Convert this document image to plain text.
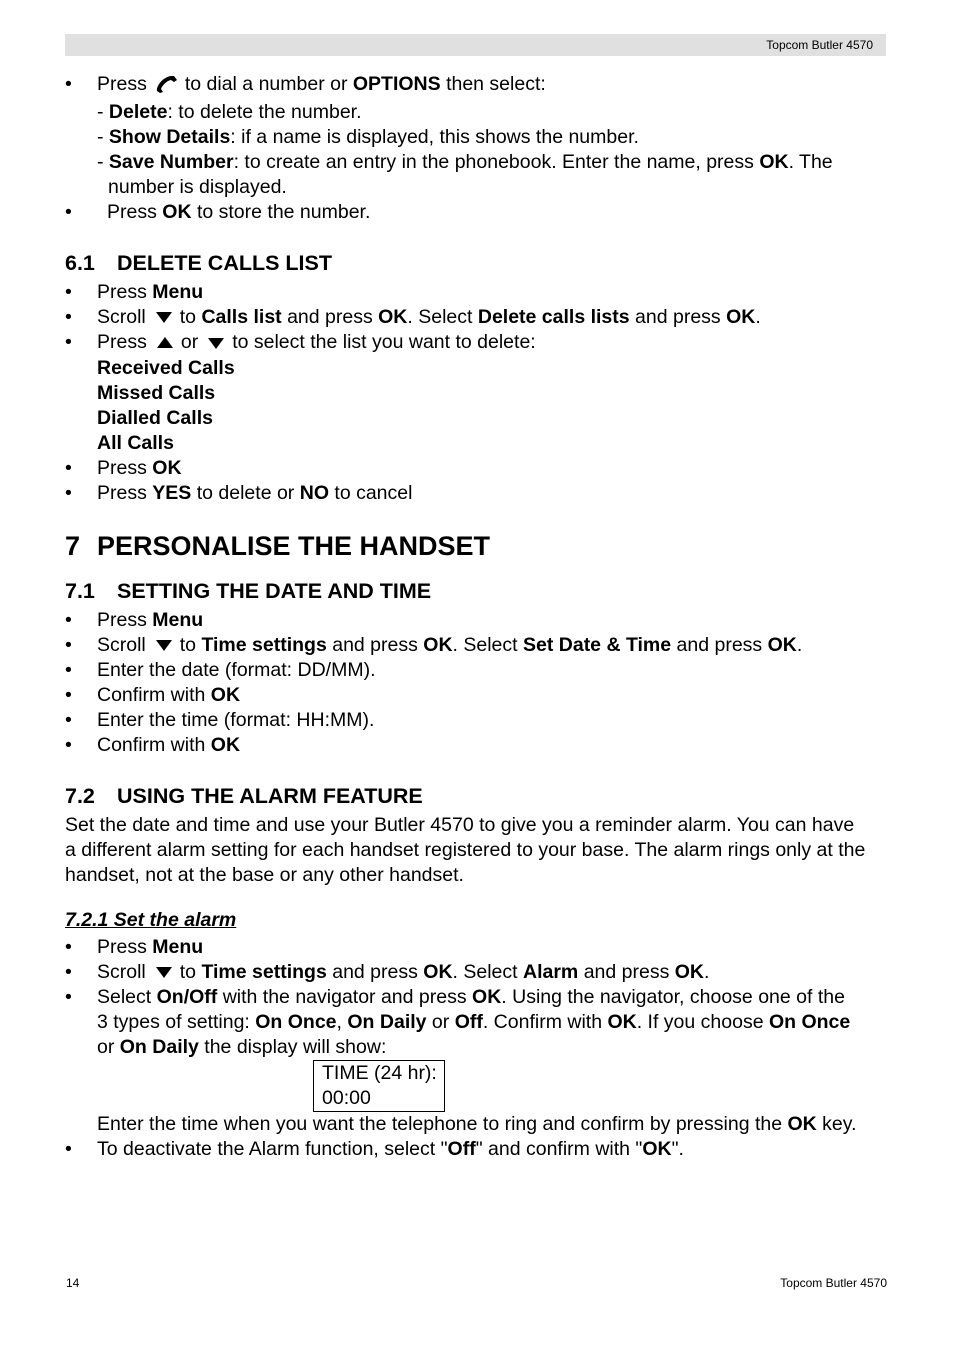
Topcom Butler 4570
• Press to dial a number or OPTIONS then select:
- Delete: to delete the number.
- Show Details: if a name is displayed, this shows the number.
- Save Number: to create an entry in the phonebook. Enter the name, press OK. The
number is displayed.
• Press OK to store the number.
6.1 DELETE CALLS LIST
• Press Menu
• Scroll to Calls list and press OK. Select Delete calls lists and press OK.
• Press or to select the list you want to delete:
Received Calls
Missed Calls
Dialled Calls
All Calls
• Press OK
• Press YES to delete or NO to cancel
7 PERSONALISE THE HANDSET
7.1 SETTING THE DATE AND TIME
• Press Menu
• Scroll to Time settings and press OK. Select Set Date & Time and press OK.
• Enter the date (format: DD/MM).
• Confirm with OK
• Enter the time (format: HH:MM).
• Confirm with OK
7.2 USING THE ALARM FEATURE
Set the date and time and use your Butler 4570 to give you a reminder alarm. You can have
a different alarm setting for each handset registered to your base. The alarm rings only at the
handset, not at the base or any other handset.
7.2.1 Set the alarm
• Press Menu
• Scroll to Time settings and press OK. Select Alarm and press OK.
• Select On/Off with the navigator and press OK. Using the navigator, choose one of the
3 types of setting: On Once, On Daily or Off. Confirm with OK. If you choose On Once
or On Daily the display will show:
TIME (24 hr):
00:00
Enter the time when you want the telephone to ring and confirm by pressing the OK key.
• To deactivate the Alarm function, select "Off" and confirm with "OK".
14	Topcom Butler 4570
